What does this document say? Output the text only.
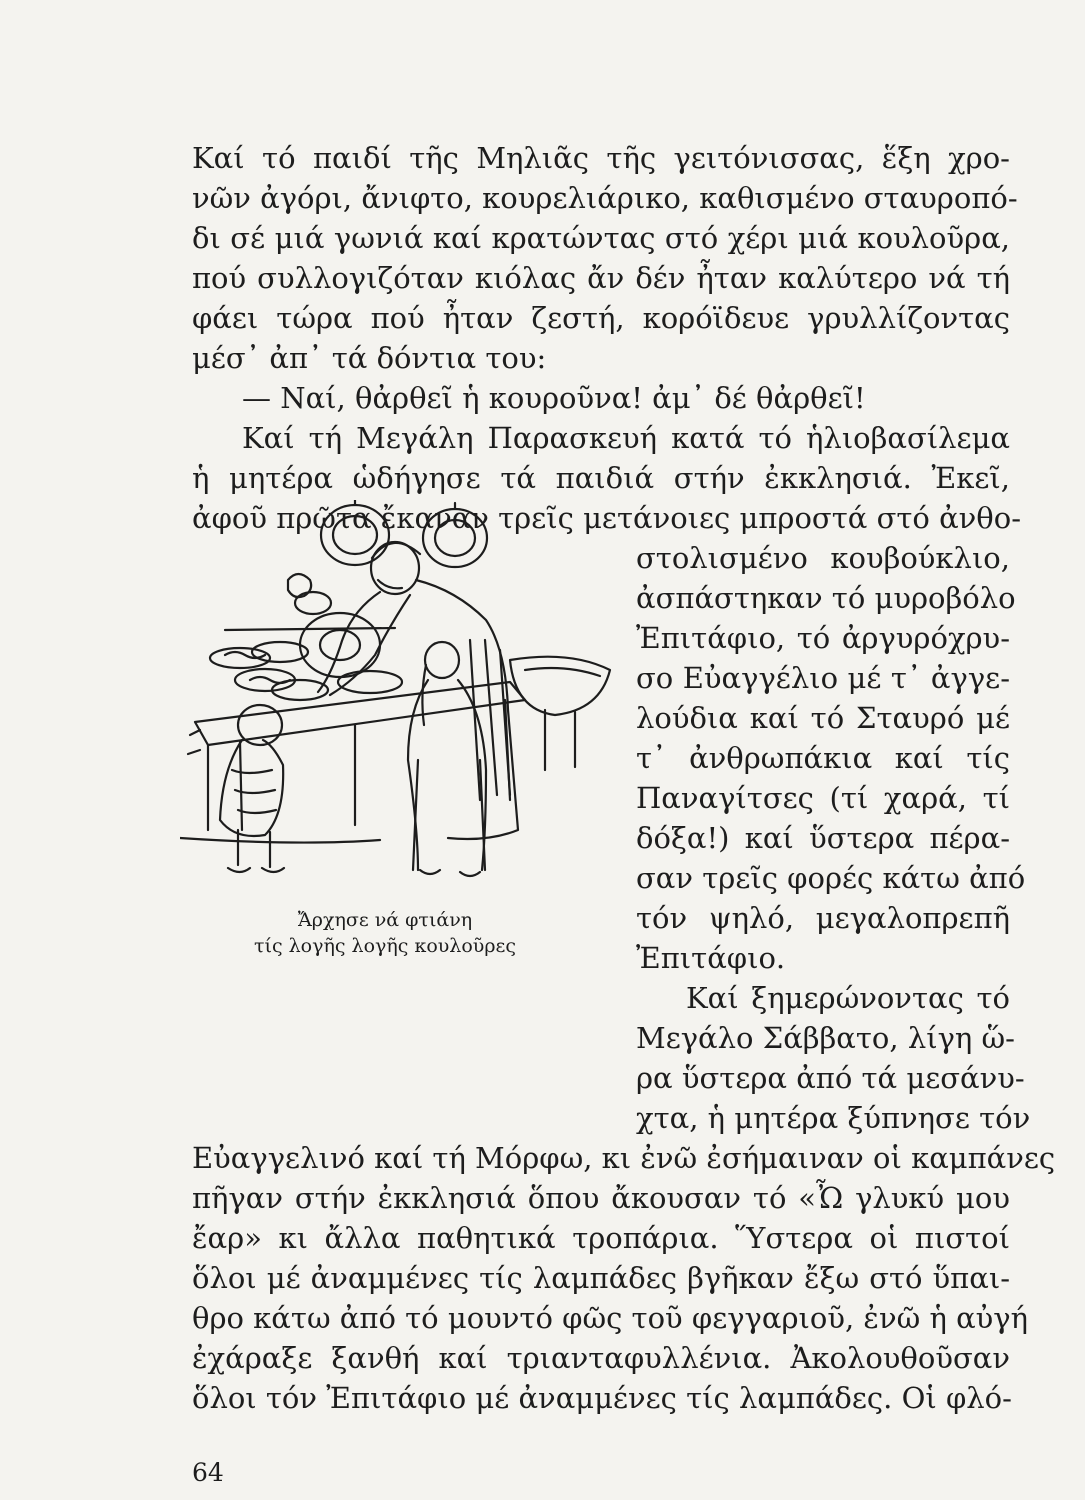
Καί τό παιδί τῆς Μηλιᾶς τῆς γειτόνισσας, ἕξη χρο-
νῶν ἀγόρι, ἄνιφτο, κουρελιάρικο, καθισμένο σταυροπό-
δι σέ μιά γωνιά καί κρατώντας στό χέρι μιά κουλοῦρα,
πού συλλογιζόταν κιόλας ἄν δέν ἦταν καλύτερο νά τή
φάει τώρα πού ἦταν ζεστή, κορόϊδευε γρυλλίζοντας
μέσ᾿ ἀπ᾿ τά δόντια του:
— Ναί, θἀρθεῖ ἡ κουροῦνα! ἀμ᾿ δέ θἀρθεῖ!
Καί τή Μεγάλη Παρασκευή κατά τό ἡλιοβασίλεμα
ἡ μητέρα ὡδήγησε τά παιδιά στήν ἐκκλησιά. Ἐκεῖ,
ἀφοῦ πρῶτα ἔκαναν τρεῖς μετάνοιες μπροστά στό ἀνθο-
Ἄρχησε νά φτιάνη
τίς λογῆς λογῆς κουλοῦρες
στολισμένο κουβούκλιο,
ἀσπάστηκαν τό μυροβόλο
Ἐπιτάφιο, τό ἀργυρόχρυ-
σο Εὐαγγέλιο μέ τ᾿ ἀγγε-
λούδια καί τό Σταυρό μέ
τ᾿ ἀνθρωπάκια καί τίς
Παναγίτσες (τί χαρά, τί
δόξα!) καί ὕστερα πέρα-
σαν τρεῖς φορές κάτω ἀπό
τόν ψηλό, μεγαλοπρεπῆ
Ἐπιτάφιο.
Καί ξημερώνοντας τό
Μεγάλο Σάββατο, λίγη ὥ-
ρα ὕστερα ἀπό τά μεσάνυ-
χτα, ἡ μητέρα ξύπνησε τόν
Εὐαγγελινό καί τή Μόρφω, κι ἐνῶ ἐσήμαιναν οἱ καμπάνες
πῆγαν στήν ἐκκλησιά ὅπου ἄκουσαν τό «Ὦ γλυκύ μου
ἔαρ» κι ἄλλα παθητικά τροπάρια. Ὕστερα οἱ πιστοί
ὅλοι μέ ἀναμμένες τίς λαμπάδες βγῆκαν ἔξω στό ὕπαι-
θρο κάτω ἀπό τό μουντό φῶς τοῦ φεγγαριοῦ, ἐνῶ ἡ αὐγή
ἐχάραξε ξανθή καί τριανταφυλλένια. Ἀκολουθοῦσαν
ὅλοι τόν Ἐπιτάφιο μέ ἀναμμένες τίς λαμπάδες. Οἱ φλό-
64
